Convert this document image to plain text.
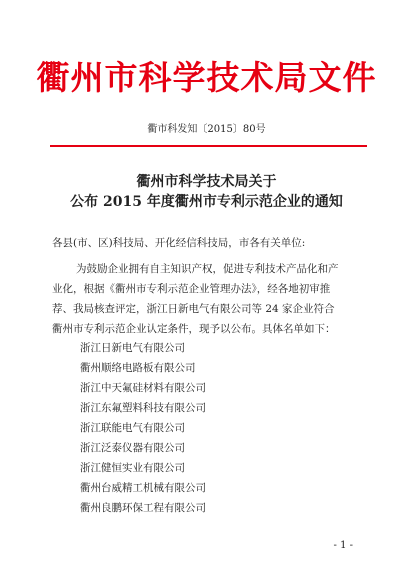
衢州市科学技术局文件
衢市科发知〔2015〕80号
衢州市科学技术局关于
公布 2015 年度衢州市专利示范企业的通知
各县(市、区)科技局、开化经信科技局，市各有关单位:
为鼓励企业拥有自主知识产权，促进专利技术产品化和产
业化，根据《衢州市专利示范企业管理办法》，经各地初审推
荐、我局核查评定，浙江日新电气有限公司等 24 家企业符合
衢州市专利示范企业认定条件，现予以公布。具体名单如下：
浙江日新电气有限公司
衢州顺络电路板有限公司
浙江中天氟硅材料有限公司
浙江东氟塑料科技有限公司
浙江联能电气有限公司
浙江泛泰仪器有限公司
浙江健恒实业有限公司
衢州台威精工机械有限公司
衢州良鹏环保工程有限公司
- 1 -
